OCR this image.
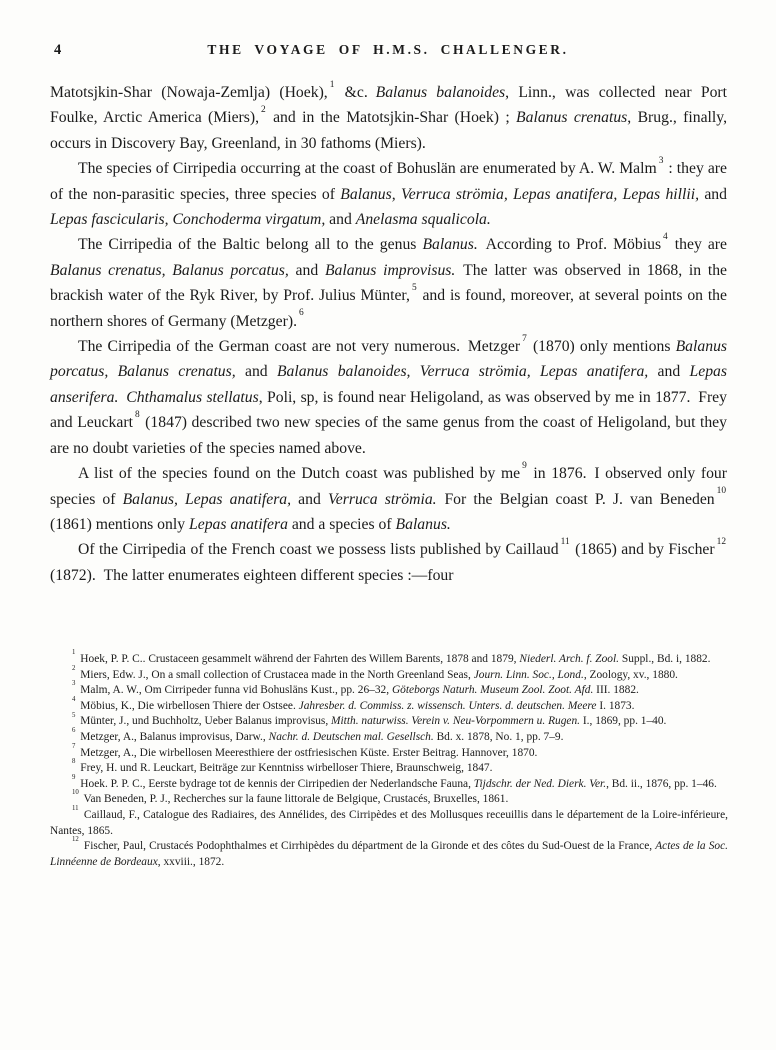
4	THE VOYAGE OF H.M.S. CHALLENGER.

Matotsjkin-Shar (Nowaja-Zemlja) (Hoek), $^1$ &c. Balanus balanoides, Linn., was collected near Port Foulke, Arctic America (Miers), $^2$ and in the Matotsjkin-Shar (Hoek) ; Balanus crenatus, Brug., finally, occurs in Discovery Bay, Greenland, in 30 fathoms (Miers).

The species of Cirripedia occurring at the coast of Bohuslän are enumerated by A. W. Malm $^3$ : they are of the non-parasitic species, three species of Balanus, Verruca strömia, Lepas anatifera, Lepas hillii, and Lepas fascicularis, Conchoderma virgatum, and Anelasma squalicola.

The Cirripedia of the Baltic belong all to the genus Balanus. According to Prof. Möbius $^4$ they are Balanus crenatus, Balanus porcatus, and Balanus improvisus. The latter was observed in 1868, in the brackish water of the Ryk River, by Prof. Julius Münter, $^5$ and is found, moreover, at several points on the northern shores of Germany (Metzger). $^6$

The Cirripedia of the German coast are not very numerous. Metzger $^7$ (1870) only mentions Balanus porcatus, Balanus crenatus, and Balanus balanoides, Verruca strömia, Lepas anatifera, and Lepas anserifera.  Chthamalus stellatus, Poli, sp, is found near Heligoland, as was observed by me in 1877. Frey and Leuckart $^8$ (1847) described two new species of the same genus from the coast of Heligoland, but they are no doubt varieties of the species named above.

A list of the species found on the Dutch coast was published by me $^9$ in 1876. I observed only four species of Balanus, Lepas anatifera, and Verruca strömia. For the Belgian coast P. J. van Beneden $^{10}$ (1861) mentions only Lepas anatifera and a species of Balanus.

Of the Cirripedia of the French coast we possess lists published by Caillaud $^{11}$ (1865) and by Fischer $^{12}$ (1872). The latter enumerates eighteen different species :—four

$^1$ Hoek, P. P. C.. Crustaceen gesammelt während der Fahrten des Willem Barents, 1878 and 1879, Niederl. Arch. f. Zool. Suppl., Bd. i, 1882.

$^2$ Miers, Edw. J., On a small collection of Crustacea made in the North Greenland Seas, Journ. Linn. Soc., Lond., Zoology, xv., 1880.

$^3$ Malm, A. W., Om Cirripeder funna vid Bohusläns Kust., pp. 26–32, Göteborgs Naturh. Museum Zool. Zoot. Afd. III. 1882.

$^4$ Möbius, K., Die wirbellosen Thiere der Ostsee. Jahresber. d. Commiss. z. wissensch. Unters. d. deutschen. Meere I. 1873.

$^5$ Münter, J., und Buchholtz, Ueber Balanus improvisus, Mitth. naturwiss. Verein v. Neu-Vorpommern u. Rugen. I., 1869, pp. 1–40.

$^6$ Metzger, A., Balanus improvisus, Darw., Nachr. d. Deutschen mal. Gesellsch. Bd. x. 1878, No. 1, pp. 7–9.

$^7$ Metzger, A., Die wirbellosen Meeresthiere der ostfriesischen Küste. Erster Beitrag. Hannover, 1870.

$^8$ Frey, H. und R. Leuckart, Beiträge zur Kenntniss wirbelloser Thiere, Braunschweig, 1847.

$^9$ Hoek. P. P. C., Eerste bydrage tot de kennis der Cirripedien der Nederlandsche Fauna, Tijdschr. der Ned. Dierk. Ver., Bd. ii., 1876, pp. 1–46.

$^{10}$ Van Beneden, P. J., Recherches sur la faune littorale de Belgique, Crustacés, Bruxelles, 1861.

$^{11}$ Caillaud, F., Catalogue des Radiaires, des Annélides, des Cirripèdes et des Mollusques receuillis dans le département de la Loire-inférieure, Nantes, 1865.

$^{12}$ Fischer, Paul, Crustacés Podophthalmes et Cirrhipèdes du départment de la Gironde et des côtes du Sud-Ouest de la France, Actes de la Soc. Linnéenne de Bordeaux, xxviii., 1872.
